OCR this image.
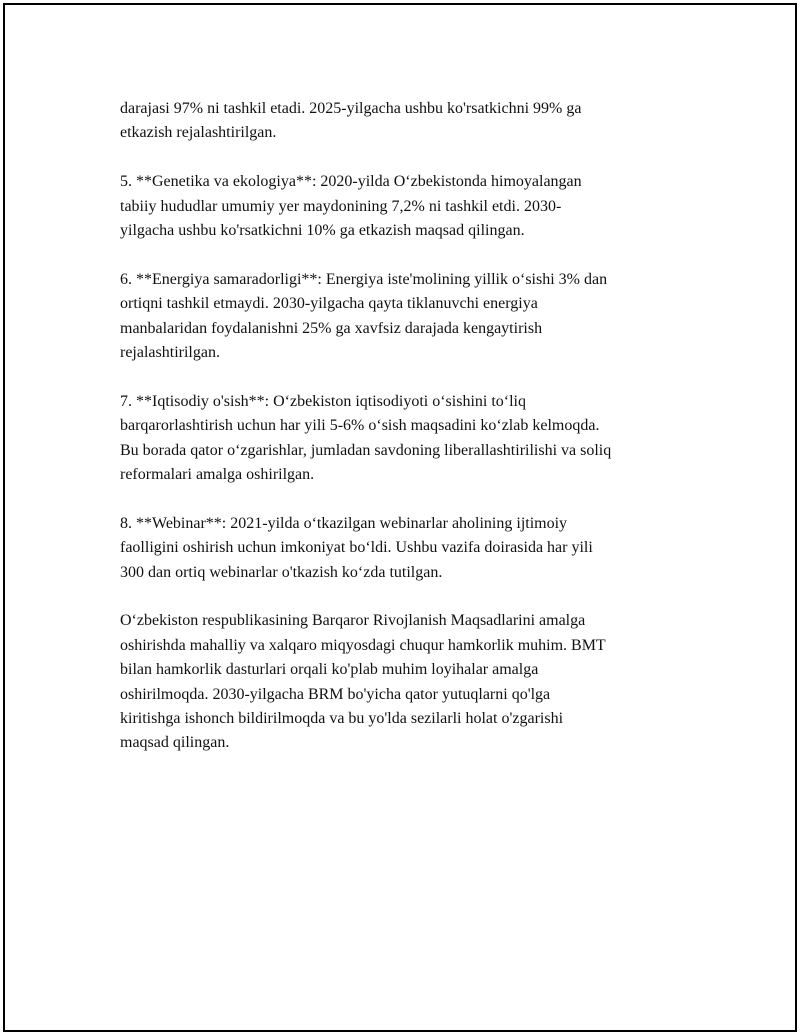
darajasi 97% ni tashkil etadi. 2025-yilgacha ushbu ko'rsatkichni 99% ga
etkazish rejalashtirilgan.

5. **Genetika va ekologiya**: 2020-yilda O‘zbekistonda himoyalangan
tabiiy hududlar umumiy yer maydonining 7,2% ni tashkil etdi. 2030-
yilgacha ushbu ko'rsatkichni 10% ga etkazish maqsad qilingan.

6. **Energiya samaradorligi**: Energiya iste'molining yillik o‘sishi 3% dan
ortiqni tashkil etmaydi. 2030-yilgacha qayta tiklanuvchi energiya
manbalaridan foydalanishni 25% ga xavfsiz darajada kengaytirish
rejalashtirilgan.

7. **Iqtisodiy o'sish**: O‘zbekiston iqtisodiyoti o‘sishini to‘liq
barqarorlashtirish uchun har yili 5-6% o‘sish maqsadini ko‘zlab kelmoqda.
Bu borada qator o‘zgarishlar, jumladan savdoning liberallashtirilishi va soliq
reformalari amalga oshirilgan.

8. **Webinar**: 2021-yilda o‘tkazilgan webinarlar aholining ijtimoiy
faolligini oshirish uchun imkoniyat bo‘ldi. Ushbu vazifa doirasida har yili
300 dan ortiq webinarlar o'tkazish ko‘zda tutilgan.

O‘zbekiston respublikasining Barqaror Rivojlanish Maqsadlarini amalga
oshirishda mahalliy va xalqaro miqyosdagi chuqur hamkorlik muhim. BMT
bilan hamkorlik dasturlari orqali ko'plab muhim loyihalar amalga
oshirilmoqda. 2030-yilgacha BRM bo'yicha qator yutuqlarni qo'lga
kiritishga ishonch bildirilmoqda va bu yo'lda sezilarli holat o'zgarishi
maqsad qilingan.
